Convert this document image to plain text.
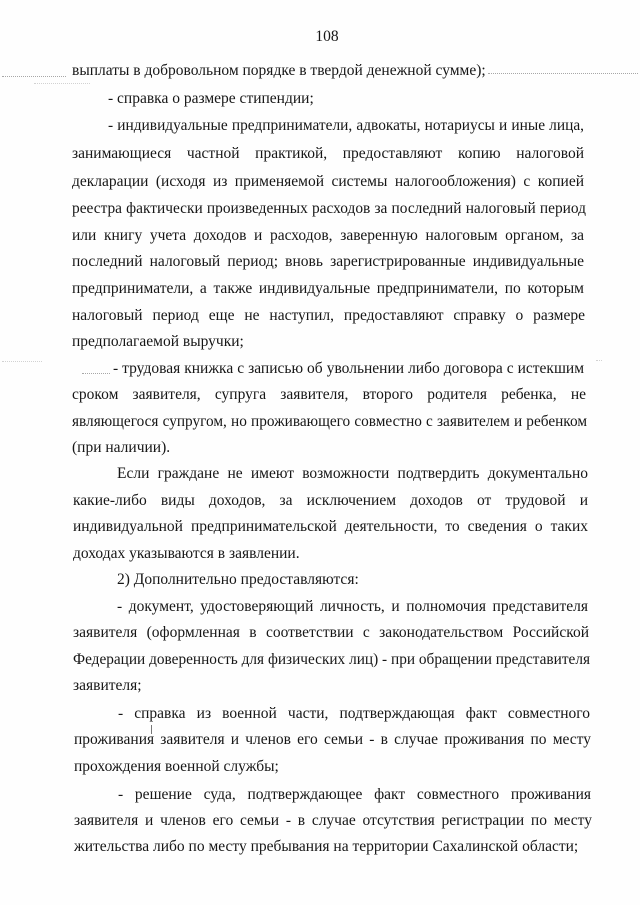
108

выплаты в добровольном порядке в твердой денежной сумме);

- справка о размере стипендии;

- индивидуальные предприниматели, адвокаты, нотариусы и иные лица,

занимающиеся частной практикой, предоставляют копию налоговой

декларации (исходя из применяемой системы налогообложения) с копией

реестра фактически произведенных расходов за последний налоговый период

или книгу учета доходов и расходов, заверенную налоговым органом, за

последний налоговый период; вновь зарегистрированные индивидуальные

предприниматели, а также индивидуальные предприниматели, по которым

налоговый период еще не наступил, предоставляют справку о размере

предполагаемой выручки;

- трудовая книжка с записью об увольнении либо договора с истекшим

сроком заявителя, супруга заявителя, второго родителя ребенка, не

являющегося супругом, но проживающего совместно с заявителем и ребенком

(при наличии).

Если граждане не имеют возможности подтвердить документально

какие-либо виды доходов, за исключением доходов от трудовой и

индивидуальной предпринимательской деятельности, то сведения о таких

доходах указываются в заявлении.

2) Дополнительно предоставляются:

- документ, удостоверяющий личность, и полномочия представителя

заявителя (оформленная в соответствии с законодательством Российской

Федерации доверенность для физических лиц) - при обращении представителя

заявителя;

- справка из военной части, подтверждающая факт совместного

проживания заявителя и членов его семьи - в случае проживания по месту

прохождения военной службы;

- решение суда, подтверждающее факт совместного проживания

заявителя и членов его семьи - в случае отсутствия регистрации по месту

жительства либо по месту пребывания на территории Сахалинской области;
